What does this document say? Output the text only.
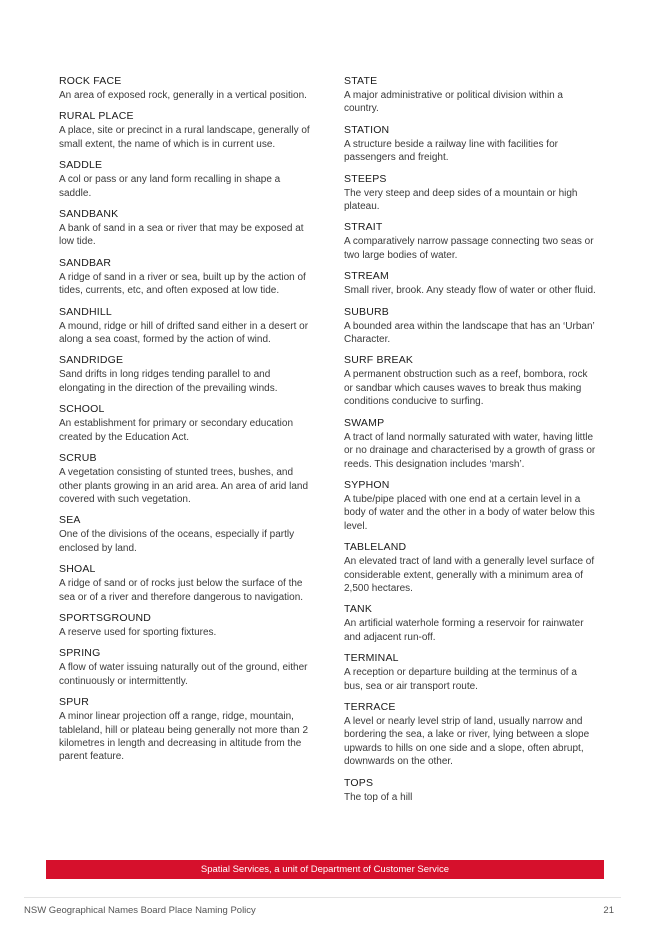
ROCK FACE

An area of exposed rock, generally in a vertical position.

RURAL PLACE

A place, site or precinct in a rural landscape, generally of small extent, the name of which is in current use.

SADDLE

A col or pass or any land form recalling in shape a saddle.

SANDBANK

A bank of sand in a sea or river that may be exposed at low tide.

SANDBAR

A ridge of sand in a river or sea, built up by the action of tides, currents, etc, and often exposed at low tide.

SANDHILL

A mound, ridge or hill of drifted sand either in a desert or along a sea coast, formed by the action of wind.

SANDRIDGE

Sand drifts in long ridges tending parallel to and elongating in the direction of the prevailing winds.

SCHOOL

An establishment for primary or secondary education created by the Education Act.

SCRUB

A vegetation consisting of stunted trees, bushes, and other plants growing in an arid area. An area of arid land covered with such vegetation.

SEA

One of the divisions of the oceans, especially if partly enclosed by land.

SHOAL

A ridge of sand or of rocks just below the surface of the sea or of a river and therefore dangerous to navigation.

SPORTSGROUND

A reserve used for sporting fixtures.

SPRING

A flow of water issuing naturally out of the ground, either continuously or intermittently.

SPUR

A minor linear projection off a range, ridge, mountain, tableland, hill or plateau being generally not more than 2 kilometres in length and decreasing in altitude from the parent feature.

STATE

A major administrative or political division within a country.

STATION

A structure beside a railway line with facilities for passengers and freight.

STEEPS

The very steep and deep sides of a mountain or high plateau.

STRAIT

A comparatively narrow passage connecting two seas or two large bodies of water.

STREAM

Small river, brook. Any steady flow of water or other fluid.

SUBURB

A bounded area within the landscape that has an ‘Urban’ Character.

SURF BREAK

A permanent obstruction such as a reef, bombora, rock or sandbar which causes waves to break thus making conditions conducive to surfing.

SWAMP

A tract of land normally saturated with water, having little or no drainage and characterised by a growth of grass or reeds. This designation includes ‘marsh’.

SYPHON

A tube/pipe placed with one end at a certain level in a body of water and the other in a body of water below this level.

TABLELAND

An elevated tract of land with a generally level surface of considerable extent, generally with a minimum area of 2,500 hectares.

TANK

An artificial waterhole forming a reservoir for rainwater and adjacent run-off.

TERMINAL

A reception or departure building at the terminus of a bus, sea or air transport route.

TERRACE

A level or nearly level strip of land, usually narrow and bordering the sea, a lake or river, lying between a slope upwards to hills on one side and a slope, often abrupt, downwards on the other.

TOPS

The top of a hill

Spatial Services, a unit of Department of Customer Service
NSW Geographical Names Board Place Naming Policy	21
